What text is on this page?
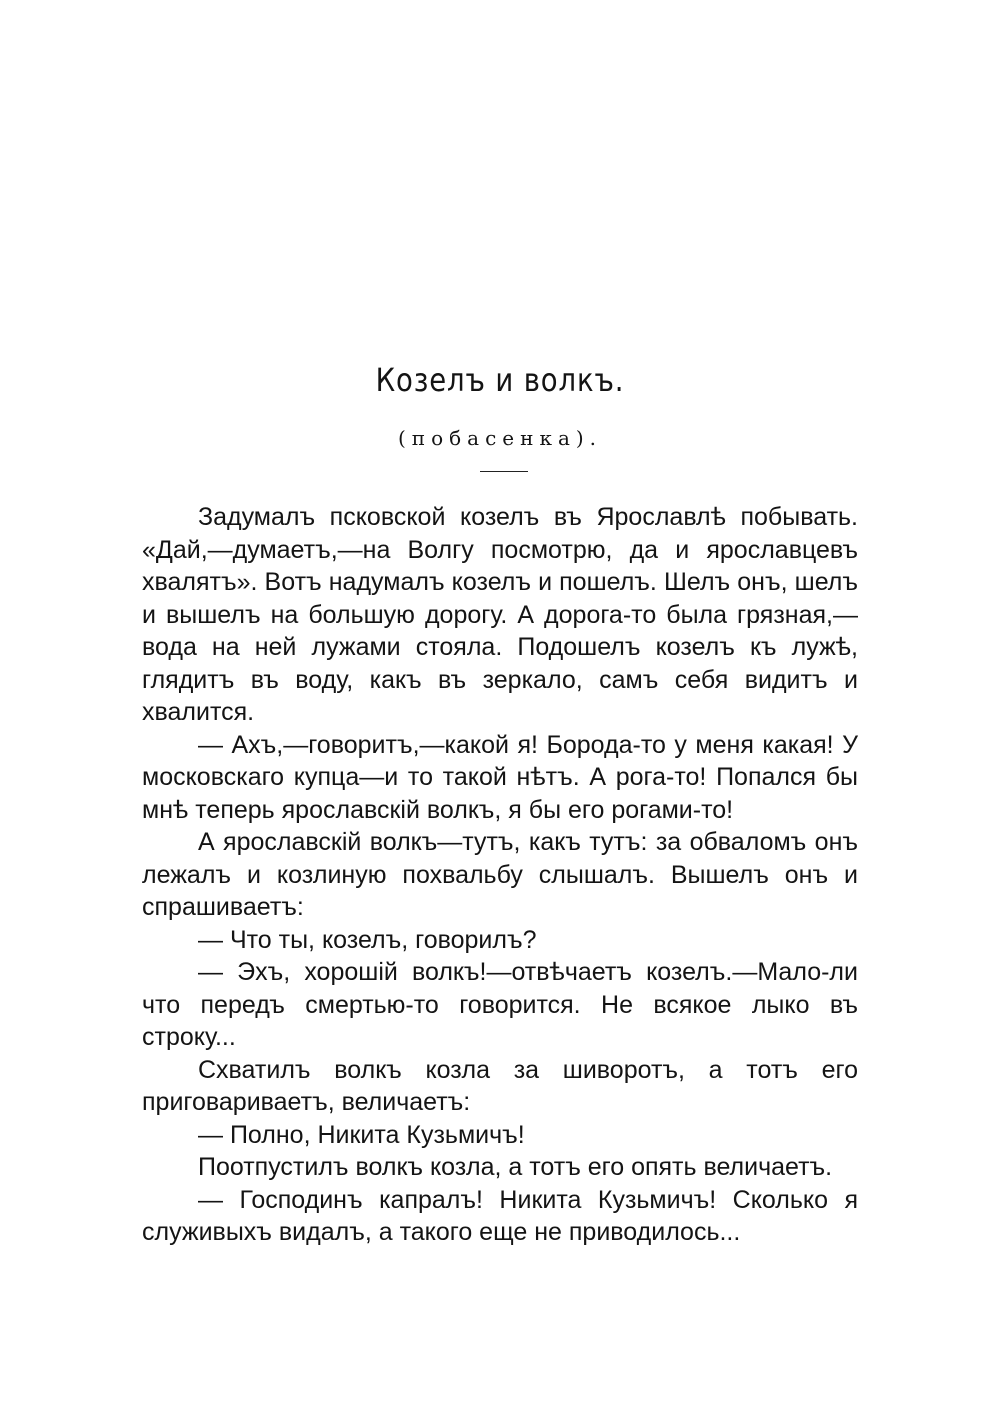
Козелъ и волкъ.
(побасенка).

Задумалъ псковской козелъ въ Ярославлѣ побывать. «Дай,—думаетъ,—на Волгу посмотрю, да и ярославцевъ хвалятъ». Вотъ надумалъ козелъ и пошелъ. Шелъ онъ, шелъ и вышелъ на большую дорогу. А дорога-то была грязная,—вода на ней лужами стояла. Подошелъ козелъ къ лужѣ, глядитъ въ воду, какъ въ зеркало, самъ себя видитъ и хвалится.

— Ахъ,—говоритъ,—какой я! Борода-то у меня какая! У московскаго купца—и то такой нѣтъ. А рога-то! Попался бы мнѣ теперь ярославскій волкъ, я бы его рогами-то!

А ярославскій волкъ—тутъ, какъ тутъ: за обваломъ онъ лежалъ и козлиную похвальбу слышалъ. Вышелъ онъ и спрашиваетъ:

— Что ты, козелъ, говорилъ?

— Эхъ, хорошій волкъ!—отвѣчаетъ козелъ.—Мало-ли что передъ смертью-то говорится. Не всякое лыко въ строку...

Схватилъ волкъ козла за шиворотъ, а тотъ его приговариваетъ, величаетъ:

— Полно, Никита Кузьмичъ!

Поотпустилъ волкъ козла, а тотъ его опять величаетъ.

— Господинъ капралъ! Никита Кузьмичъ! Сколько я служивыхъ видалъ, а такого еще не приводилось...
